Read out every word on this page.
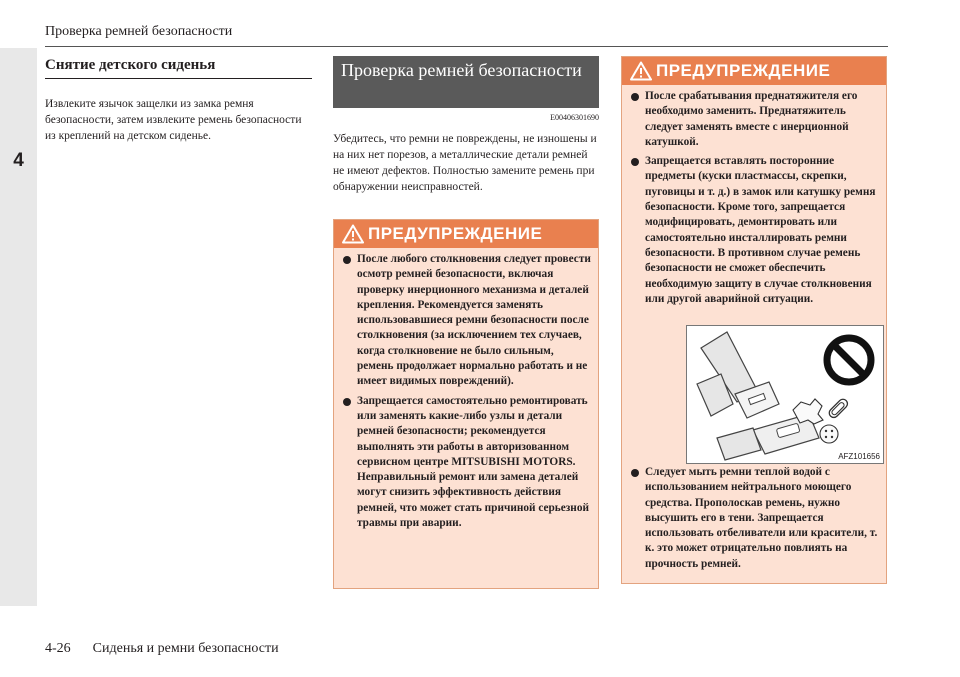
4
Проверка ремней безопасности
Снятие детского сиденья
Извлеките язычок защелки из замка ремня безопасности, затем извлеките ремень безопасности из креплений на детском сиденье.
Проверка ремней безопасности
E00406301690
Убедитесь, что ремни не повреждены, не изношены и на них нет порезов, а металлические детали ремней не имеют дефектов. Полностью замените ремень при обнаружении неисправностей.
ПРЕДУПРЕЖДЕНИЕ
После любого столкновения следует провести осмотр ремней безопасности, включая проверку инерционного механизма и деталей крепления. Рекомендуется заменять использовавшиеся ремни безопасности после столкновения (за исключением тех случаев, когда столкновение не было сильным, ремень продолжает нормально работать и не имеет видимых повреждений).
Запрещается самостоятельно ремонтировать или заменять какие-либо узлы и детали ремней безопасности; рекомендуется выполнять эти работы в авторизованном сервисном центре MITSUBISHI MOTORS. Неправильный ремонт или замена деталей могут снизить эффективность действия ремней, что может стать причиной серьезной травмы при аварии.
ПРЕДУПРЕЖДЕНИЕ
После срабатывания преднатяжителя его необходимо заменить. Преднатяжитель следует заменять вместе с инерционной катушкой.
Запрещается вставлять посторонние предметы (куски пластмассы, скрепки, пуговицы и т. д.) в замок или катушку ремня безопасности. Кроме того, запрещается модифицировать, демонтировать или самостоятельно инсталлировать ремни безопасности. В противном случае ремень безопасности не сможет обеспечить необходимую защиту в случае столкновения или другой аварийной ситуации.
AFZ101656
Следует мыть ремни теплой водой с использованием нейтрального моющего средства. Прополоскав ремень, нужно высушить его в тени. Запрещается использовать отбеливатели или красители, т. к. это может отрицательно повлиять на прочность ремней.
4-26 Сиденья и ремни безопасности
